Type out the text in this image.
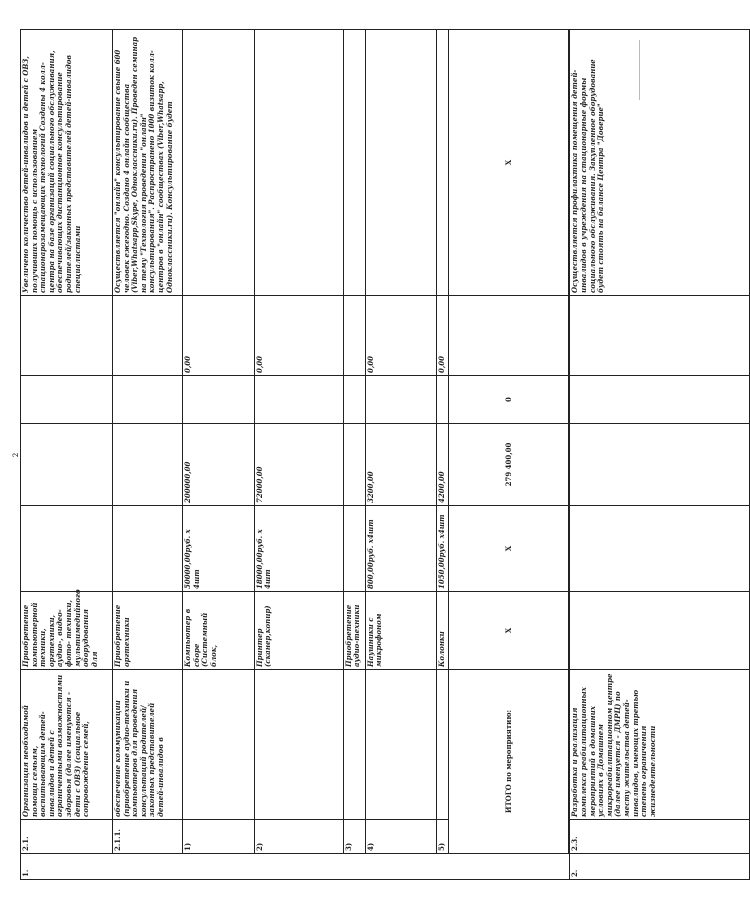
2
1.	2.1.	Организация необходимой помощи семьям, воспитывающим детей-инвалидов и детей с ограниченными возможностями здоровья (далее именуются - дети с ОВЗ) (социальное сопровождение семей,	Приобретение компьютерной техники, оргтехники, аудио-, видео- фото- техники, мультимедийного оборудования для					Увеличено количество детей-инвалидов и детей с ОВЗ, получивших помощь с использованием стационарозамещающих технологий Созданы 4 колл-центра на базе организаций социального обслуживания, обеспечивающих дистанционное консультирование родителей/законных представителей детей-инвалидов специалистами	
	2.1.1.	обеспечение коммуникации (приобретение аудио-техники и компьютеров для проведения консультаций родителей/законных представителей детей-инвалидов в	Приобретение оргтехники					Осуществляется "онлайн" консультирование свыше 600 человек ежегодно. Создано 4 онлайн сообщества (Viber,Whatsapp,Skype, Одноклассники.ru). Проведен семинар на тему "Технология проведения "онлайн" консультирования". Распространено 1000 визиток колл-центров в "онлайн" сообществах (Viber,Whatsapp, Одноклассники.ru). Консультирование будет	
	1)		Компьютер в сборе (Системный блок,	50000,00руб. х 4шт	200000,00		0,00		
	2)		Принтер (сканер,копир)	18000,00руб. х 4шт	72000,00		0,00		
	3)		Приобретение аудио-техники						
	4)		Наушники с микрофоном	800,00руб. х4шт	3200,00		0,00		
	5)		Колонки	1050,00руб. х4шт	4200,00		0,00		
	ИТОГО по мероприятию:		X	X	279 400,00	0		X	

2.	2.3.	Разработка и реализация комплекса реабилитационных мероприятий в домашних условиях в Домашнем микрореабилитационном центре (далее именуется - ДМРЦ) по месту жительства детей-инвалидов, имеющих третью степень ограничения жизнедеятельности						Осуществляется профилактика помещения детей-инвалидов в учреждения на стационарные формы социального обслуживания. Закупленное оборудование будет стоять на балансе Центра "Доверие"	
